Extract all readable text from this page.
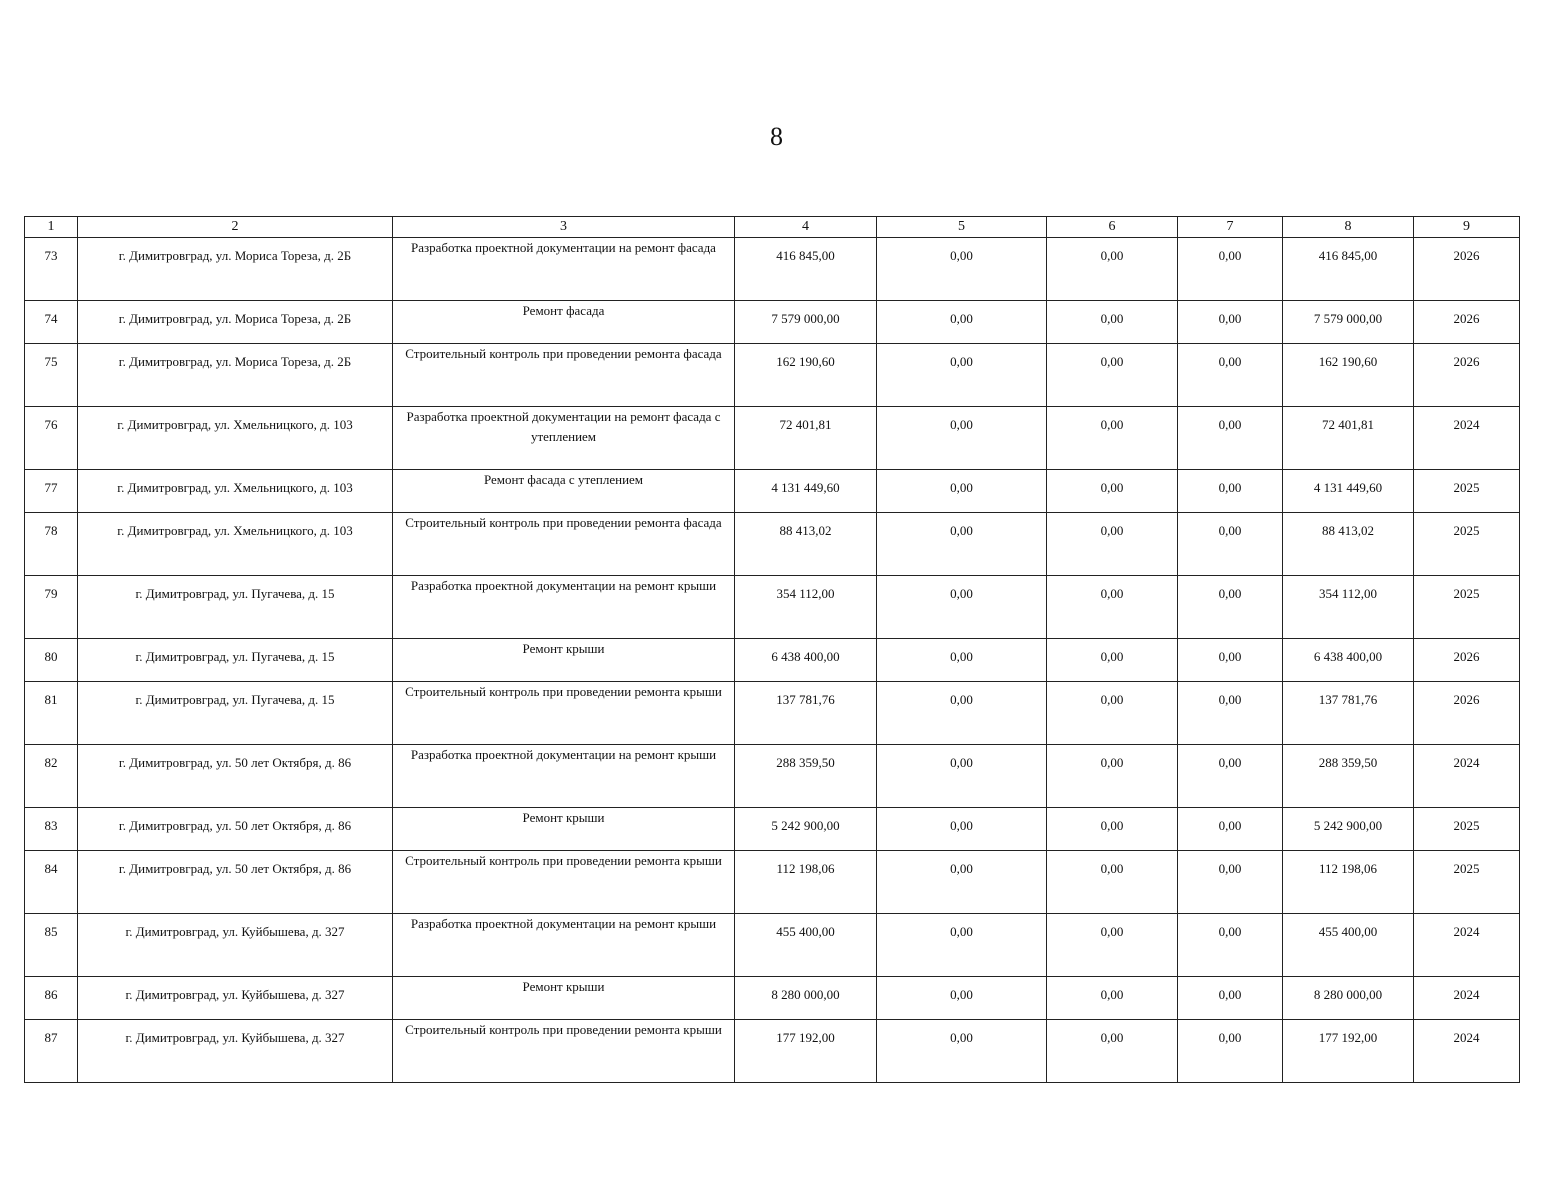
8
1	2	3	4	5	6	7	8	9
73	г. Димитровград, ул. Мориса Тореза, д. 2Б	Разработка проектной документации на ремонт фасада	416 845,00	0,00	0,00	0,00	416 845,00	2026
74	г. Димитровград, ул. Мориса Тореза, д. 2Б	Ремонт фасада	7 579 000,00	0,00	0,00	0,00	7 579 000,00	2026
75	г. Димитровград, ул. Мориса Тореза, д. 2Б	Строительный контроль при проведении ремонта фасада	162 190,60	0,00	0,00	0,00	162 190,60	2026
76	г. Димитровград, ул. Хмельницкого, д. 103	Разработка проектной документации на ремонт фасада с утеплением	72 401,81	0,00	0,00	0,00	72 401,81	2024
77	г. Димитровград, ул. Хмельницкого, д. 103	Ремонт фасада с утеплением	4 131 449,60	0,00	0,00	0,00	4 131 449,60	2025
78	г. Димитровград, ул. Хмельницкого, д. 103	Строительный контроль при проведении ремонта фасада	88 413,02	0,00	0,00	0,00	88 413,02	2025
79	г. Димитровград, ул. Пугачева, д. 15	Разработка проектной документации на ремонт крыши	354 112,00	0,00	0,00	0,00	354 112,00	2025
80	г. Димитровград, ул. Пугачева, д. 15	Ремонт крыши	6 438 400,00	0,00	0,00	0,00	6 438 400,00	2026
81	г. Димитровград, ул. Пугачева, д. 15	Строительный контроль при проведении ремонта крыши	137 781,76	0,00	0,00	0,00	137 781,76	2026
82	г. Димитровград, ул. 50 лет Октября, д. 86	Разработка проектной документации на ремонт крыши	288 359,50	0,00	0,00	0,00	288 359,50	2024
83	г. Димитровград, ул. 50 лет Октября, д. 86	Ремонт крыши	5 242 900,00	0,00	0,00	0,00	5 242 900,00	2025
84	г. Димитровград, ул. 50 лет Октября, д. 86	Строительный контроль при проведении ремонта крыши	112 198,06	0,00	0,00	0,00	112 198,06	2025
85	г. Димитровград, ул. Куйбышева, д. 327	Разработка проектной документации на ремонт крыши	455 400,00	0,00	0,00	0,00	455 400,00	2024
86	г. Димитровград, ул. Куйбышева, д. 327	Ремонт крыши	8 280 000,00	0,00	0,00	0,00	8 280 000,00	2024
87	г. Димитровград, ул. Куйбышева, д. 327	Строительный контроль при проведении ремонта крыши	177 192,00	0,00	0,00	0,00	177 192,00	2024
